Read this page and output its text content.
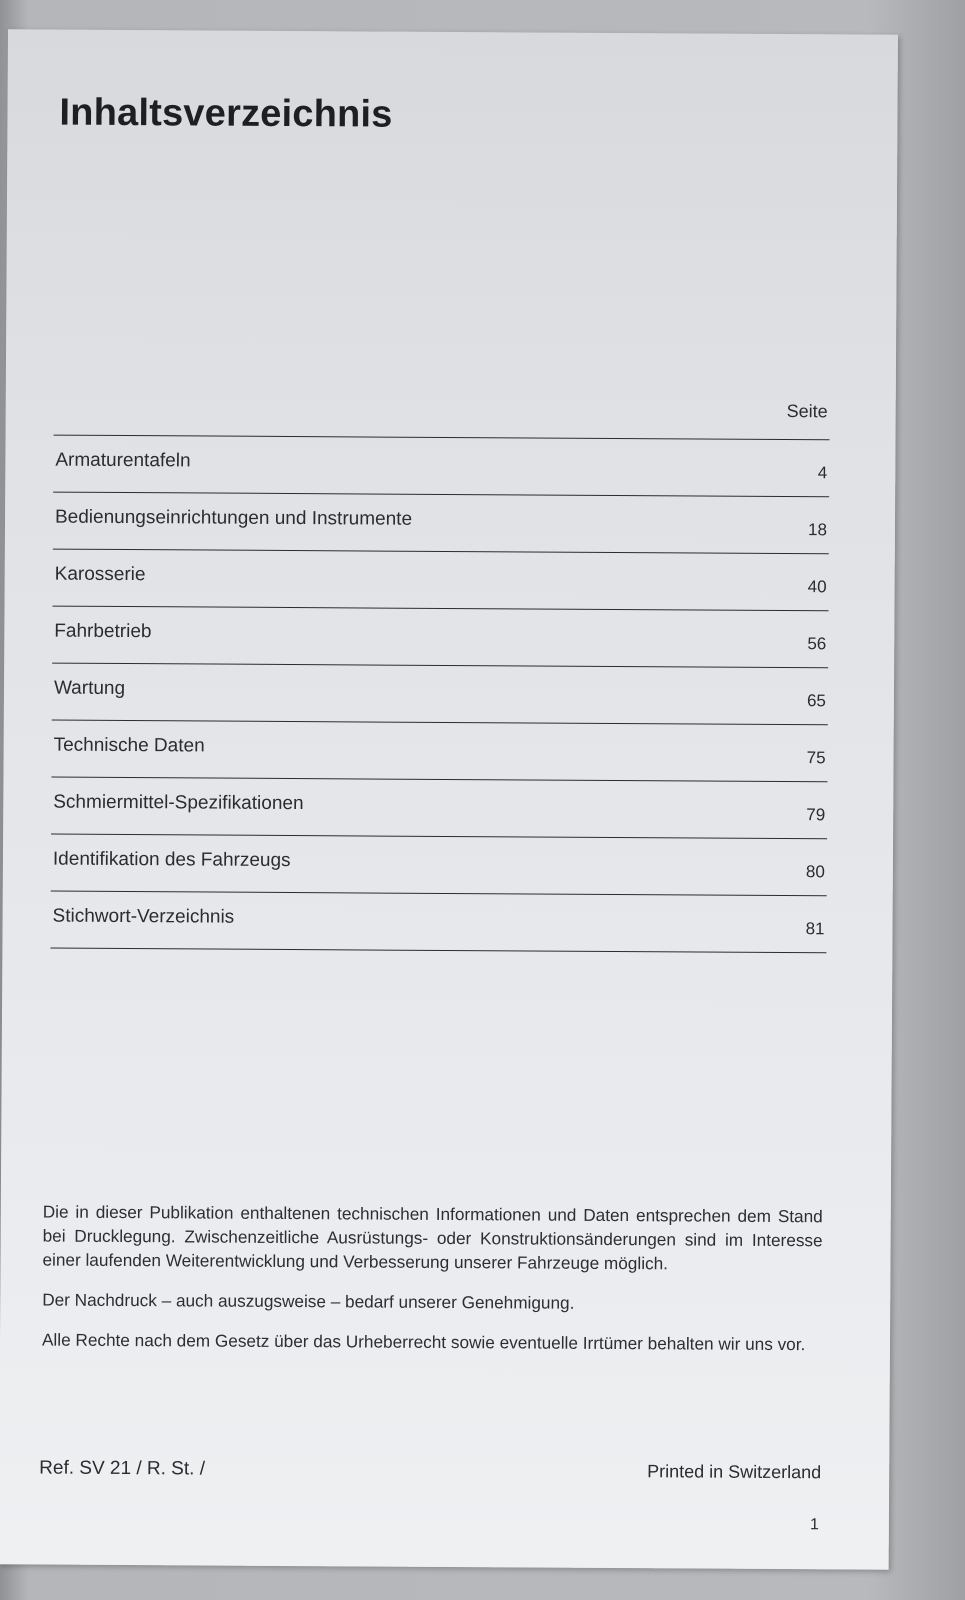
Inhaltsverzeichnis
Seite
Armaturentafeln
4
Bedienungseinrichtungen und Instrumente	18
Karosserie
40
Fahrbetrieb
56
Wartung
65
Technische Daten
75
Schmiermittel-Spezifikationen
79
Identifikation des Fahrzeugs
80
Stichwort-Verzeichnis
81

Die in dieser Publikation enthaltenen technischen Informationen und Daten entsprechen dem Stand bei Drucklegung. Zwischenzeitliche Ausrüstungs- oder Konstruktionsänderungen sind im Interesse einer laufenden Weiterentwicklung und Verbesserung unserer Fahrzeuge möglich.

Der Nachdruck – auch auszugsweise – bedarf unserer Genehmigung.

Alle Rechte nach dem Gesetz über das Urheberrecht sowie eventuelle Irrtümer behalten wir uns vor.

Ref. SV 21 / R. St. /	Printed in Switzerland
1
